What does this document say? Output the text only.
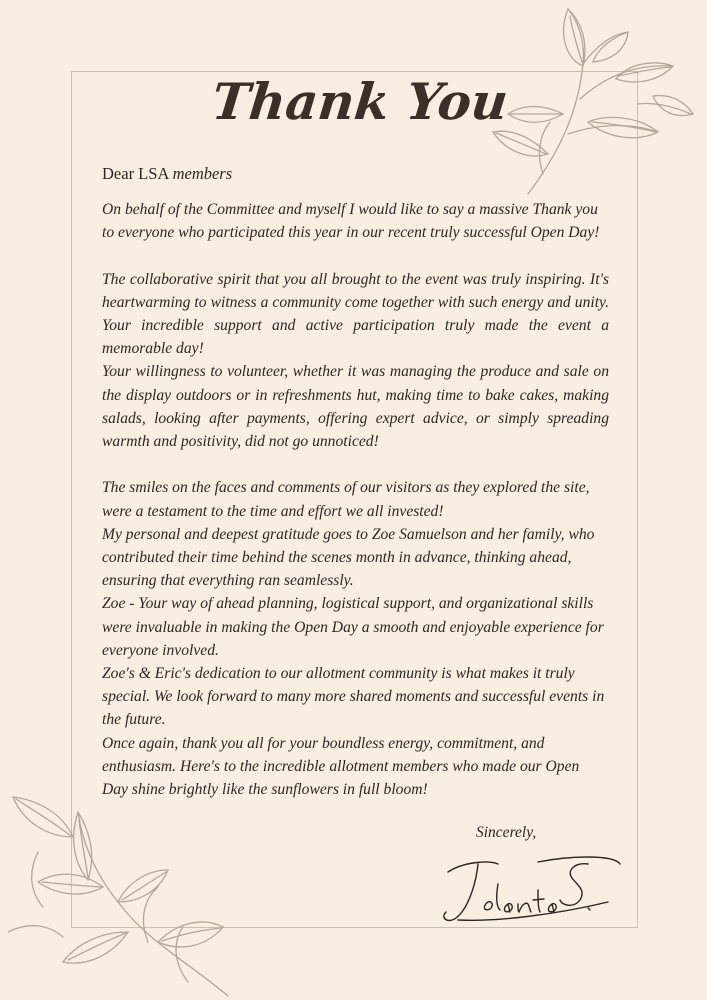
Thank You
Dear LSA members

On behalf of the Committee and myself I would like to say a massive Thank you to everyone who participated this year in our recent truly successful Open Day!

The collaborative spirit that you all brought to the event was truly inspiring. It's heartwarming to witness a community come together with such energy and unity. Your incredible support and active participation truly made the event a memorable day!

Your willingness to volunteer, whether it was managing the produce and sale on the display outdoors or in refreshments hut, making time to bake cakes, making salads, looking after payments, offering expert advice, or simply spreading warmth and positivity, did not go unnoticed!

The smiles on the faces and comments of our visitors as they explored the site, were a testament to the time and effort we all invested!

My personal and deepest gratitude goes to Zoe Samuelson and her family, who contributed their time behind the scenes month in advance, thinking ahead, ensuring that everything ran seamlessly.

Zoe - Your way of ahead planning, logistical support, and organizational skills were invaluable in making the Open Day a smooth and enjoyable experience for everyone involved.

Zoe's & Eric's dedication to our allotment community is what makes it truly special. We look forward to many more shared moments and successful events in the future.

Once again, thank you all for your boundless energy, commitment, and enthusiasm. Here's to the incredible allotment members who made our Open Day shine brightly like the sunflowers in full bloom!

Sincerely,
